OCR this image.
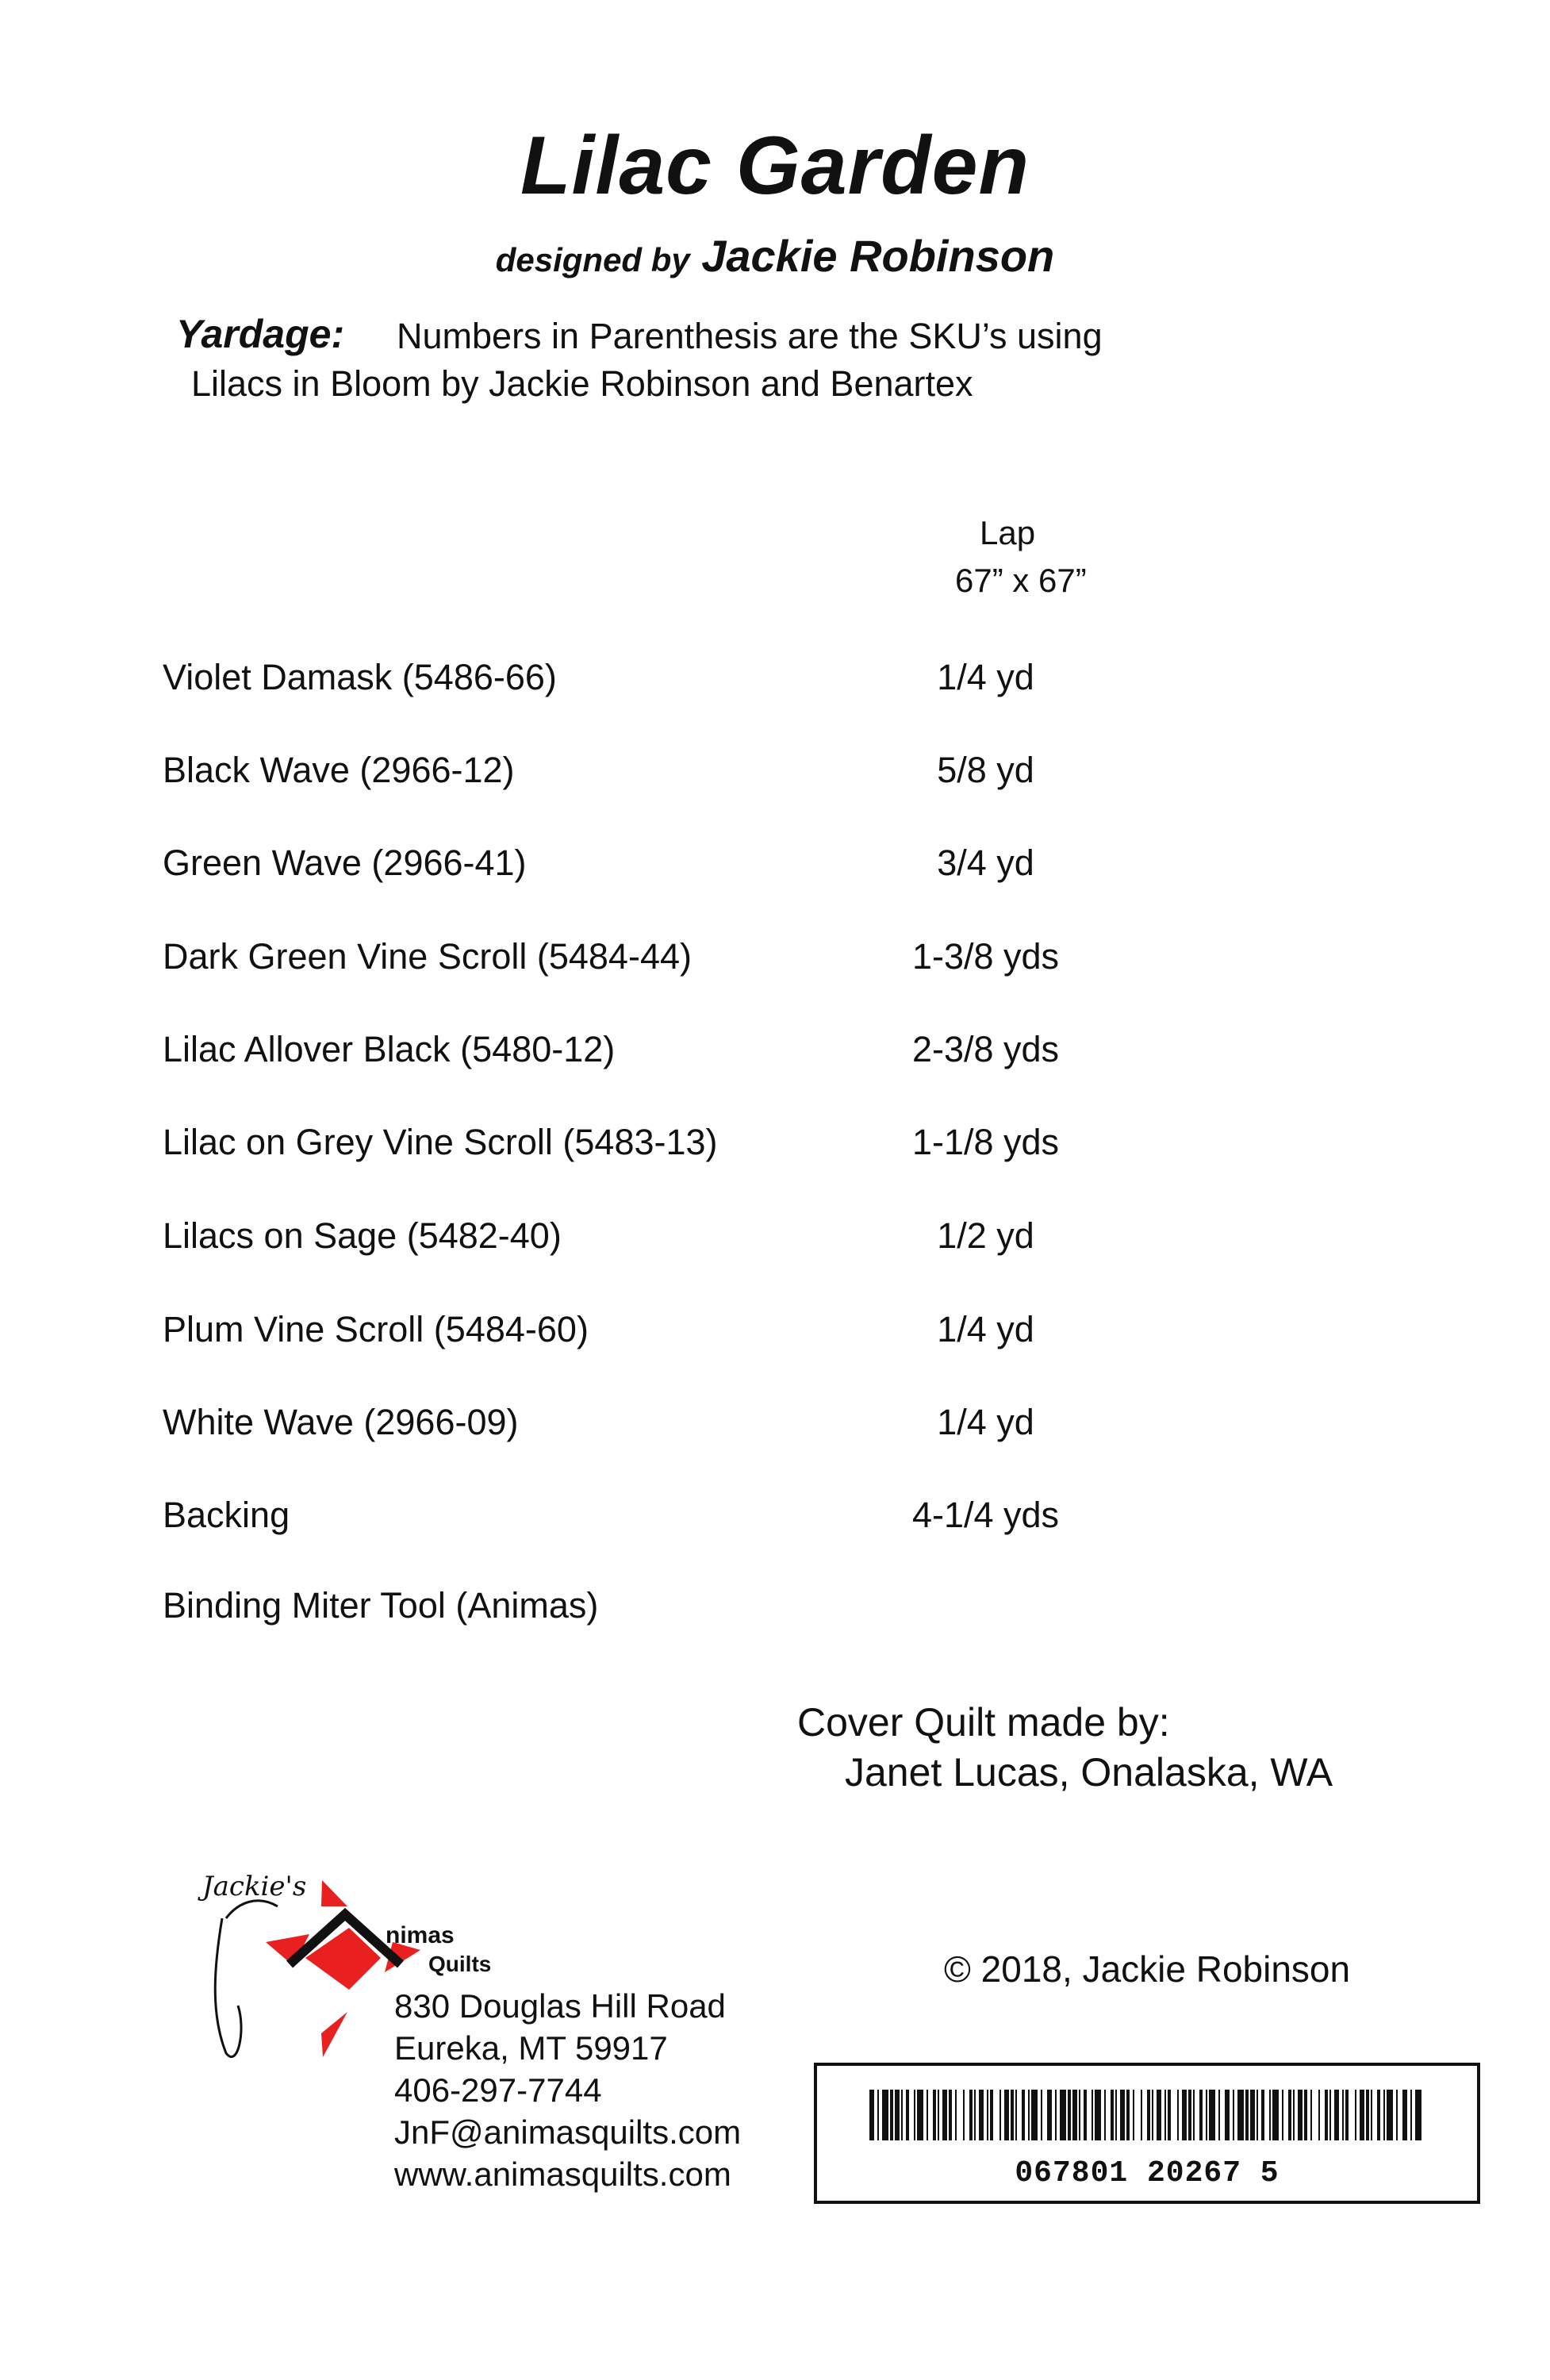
Lilac Garden
designed by Jackie Robinson
Yardage: Numbers in Parenthesis are the SKU’s using
Lilacs in Bloom by Jackie Robinson and Benartex
Lap
67” x 67”
Violet Damask (5486-66)	1/4 yd
Black Wave (2966-12)	5/8 yd
Green Wave (2966-41)	3/4 yd
Dark Green Vine Scroll (5484-44)	1-3/8 yds
Lilac Allover Black (5480-12)	2-3/8 yds
Lilac on Grey Vine Scroll (5483-13)	1-1/8 yds
Lilacs on Sage (5482-40)	1/2 yd
Plum Vine Scroll (5484-60)	1/4 yd
White Wave (2966-09)	1/4 yd
Backing	4-1/4 yds
Binding Miter Tool (Animas)
Cover Quilt made by:
Janet Lucas, Onalaska, WA
© 2018, Jackie Robinson
Jackie's
nimas
Quilts
830 Douglas Hill Road
Eureka, MT 59917
406-297-7744
JnF@animasquilts.com
www.animasquilts.com	067801 20267 5
